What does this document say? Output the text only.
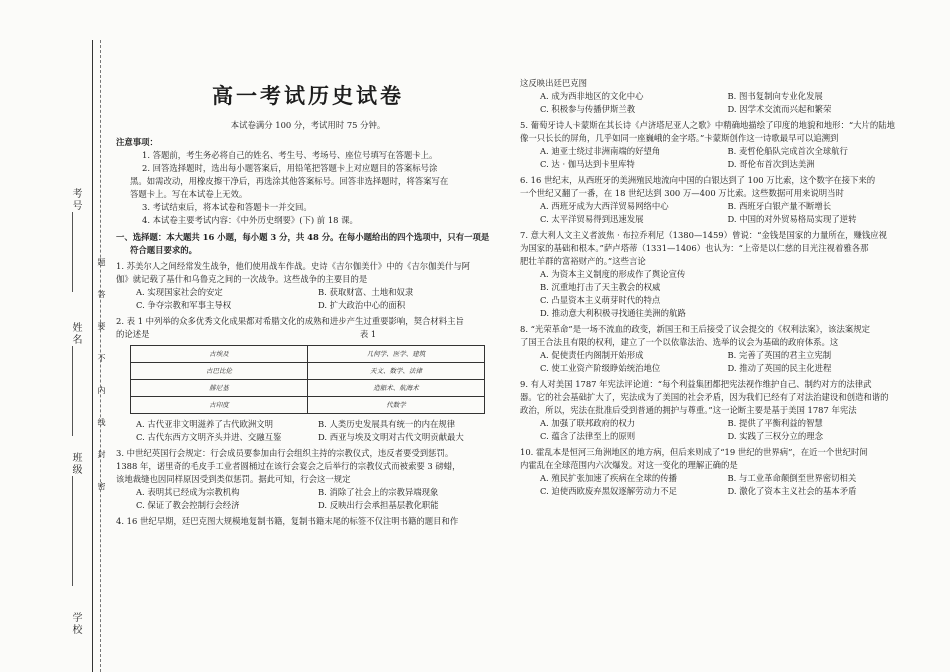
考号
姓名
班级
学校
题
答
要
不
内
线
封
密

高一考试历史试卷

本试卷满分 100 分，考试用时 75 分钟。

注意事项：

1. 答题前，考生务必将自己的姓名、考生号、考场号、座位号填写在答题卡上。

2. 回答选择题时，选出每小题答案后，用铅笔把答题卡上对应题目的答案标号涂

黑。如需改动，用橡皮擦干净后，再选涂其他答案标号。回答非选择题时，将答案写在

答题卡上。写在本试卷上无效。

3. 考试结束后，将本试卷和答题卡一并交回。

4. 本试卷主要考试内容：《中外历史纲要》(下) 前 18 课。

一、选择题：本大题共 16 小题，每小题 3 分，共 48 分。在每小题给出的四个选项中，只有一项是

符合题目要求的。

1. 苏美尔人之间经常发生战争，他们使用战车作战。史诗《吉尔伽美什》中的《吉尔伽美什与阿

伽》就记载了基什和乌鲁克之间的一次战争。这些战争的主要目的是

A. 实现国家社会的安定	B. 获取财富、土地和奴隶
C. 争夺宗教和军事主导权	D. 扩大政治中心的面积

2. 表 1 中列举的众多优秀文化成果都对希腊文化的成熟和进步产生过重要影响，契合材料主旨

的论述是	表 1

古埃及	几何学、医学、建筑
古巴比伦	天文、数学、法律
腓尼基	造船术、航海术
古印度	代数学
A. 古代亚非文明滋养了古代欧洲文明	B. 人类历史发展具有统一的内在规律
C. 古代东西方文明齐头并进、交融互鉴	D. 西亚与埃及文明对古代文明贡献最大

3. 中世纪英国行会规定：行会成员要参加由行会组织主持的宗教仪式，违反者要受到惩罚。

1388 年，诺里奇的毛皮手工业者圆桶过在该行会宴会之后举行的宗教仪式而被索要 3 磅蜡，

该地裁缝也因同样原因受到类似惩罚。据此可知，行会这一规定

A. 表明其已经成为宗教机构	B. 消除了社会上的宗教异端现象
C. 保证了教会控制行会经济	D. 反映出行会承担基层教化职能

4. 16 世纪早期，廷巴克图大规模地复制书籍，复制书籍末尾的标签不仅注明书籍的题目和作

这反映出廷巴克图

A. 成为西非地区的文化中心	B. 图书复制向专业化发展
C. 积极参与传播伊斯兰教	D. 因学术交流而兴起和繁荣

5. 葡萄牙诗人卡蒙斯在其长诗《卢济塔尼亚人之歌》中精确地描绘了印度的地貌和地形：“大片的陆地

像一只长长的屏角，几乎如同一座巍峨的金字塔。”卡蒙斯创作这一诗歌最早可以追溯到

A. 迪亚士绕过非洲南端的好望角	B. 麦哲伦船队完成首次全球航行
C. 达 · 伽马达到卡里库特	D. 哥伦布首次到达美洲

6. 16 世纪末，从西班牙的美洲殖民地流向中国的白银达到了 100 万比索，这个数字在接下来的

一个世纪又翻了一番，在 18 世纪达到 300 万—400 万比索。这些数据可用来说明当时

A. 西班牙成为大西洋贸易网络中心	B. 西班牙白银产量不断增长
C. 太平洋贸易得到迅速发展	D. 中国的对外贸易格局实现了逆转

7. 意大利人文主义者波焦 · 布拉乔利尼（1380—1459）曾说：“金钱是国家的力量所在，赚钱应视

为国家的基础和根本。”萨卢塔蒂（1331—1406）也认为：“上帝是以仁慈的目光注视着雅各那

肥壮羊群的富裕财产的。”这些言论

A. 为资本主义制度的形成作了舆论宣传
B. 沉重地打击了天主教会的权威
C. 凸显资本主义萌芽时代的特点
D. 推动意大利积极寻找通往美洲的航路

8. “光荣革命”是一场不流血的政变，新国王和王后接受了议会提交的《权利法案》，该法案规定

了国王合法且有限的权利，建立了一个以依靠法治、选举的议会为基础的政府体系。这

A. 促使责任内阁制开始形成	B. 完善了英国的君主立宪制
C. 使工业资产阶级睁始统治地位	D. 推动了英国的民主化进程

9. 有人对美国 1787 年宪法评论道：“每个利益集团都把宪法视作维护自己、制约对方的法律武

器。它的社会基础扩大了，宪法成为了美国的社会矛盾，因为我们已经有了对法治建设和创造和谐的

政治，所以，宪法在批准后受到普通的拥护与尊重。”这一论断主要是基于美国 1787 年宪法

A. 加强了联邦政府的权力	B. 提供了平衡利益的智慧
C. 蕴含了法律至上的原则	D. 实践了三权分立的理念

10. 霍乱本是恒河三角洲地区的地方病，但后来则成了“19 世纪的世界病”，在近一个世纪时间

内霍乱在全球范围内六次爆发。对这一变化的理解正确的是

A. 殖民扩张加速了疾病在全球的传播	B. 与工业革命颠倒至世界密切相关
C. 迫使西欧废弃黑奴逐解劳动力不足	D. 激化了资本主义社会的基本矛盾
